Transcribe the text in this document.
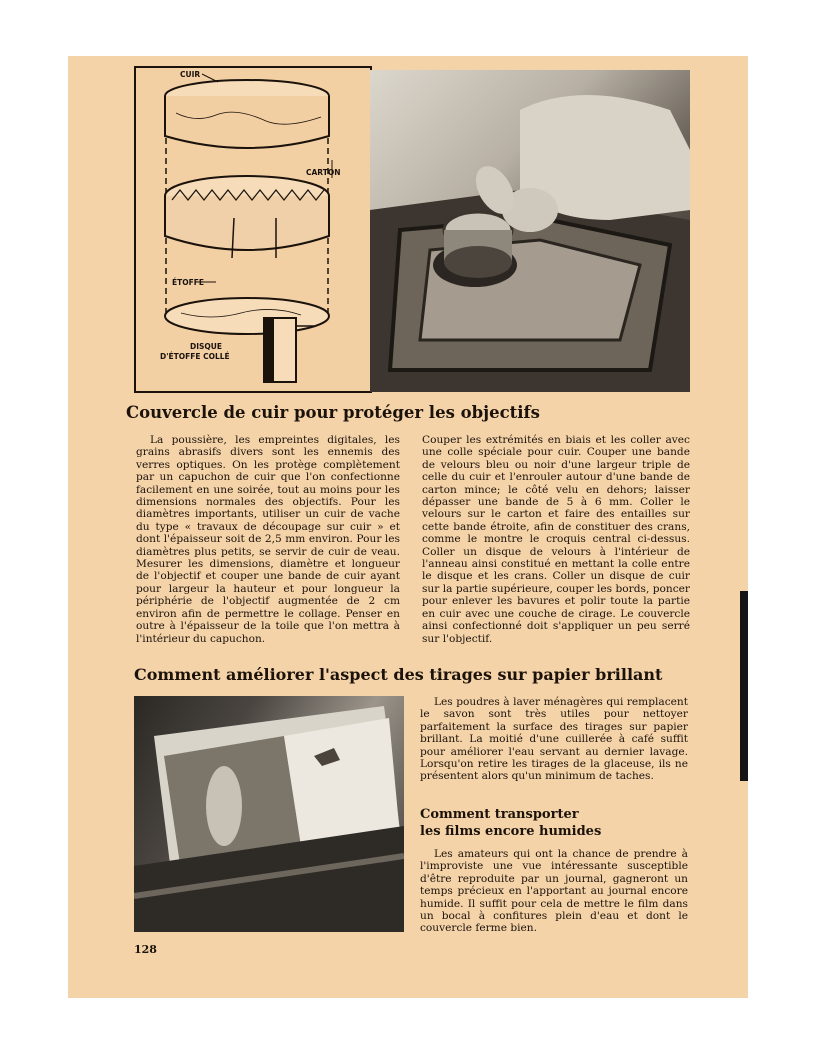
CUIR
CARTON
ÉTOFFE
DISQUE
D'ÉTOFFE COLLÉ
Couvercle de cuir pour protéger les objectifs

La poussière, les empreintes digitales, les grains abrasifs divers sont les ennemis des verres optiques. On les protège complètement par un capuchon de cuir que l'on confectionne facilement en une soirée, tout au moins pour les dimensions normales des objectifs. Pour les diamètres importants, utiliser un cuir de vache du type « travaux de découpage sur cuir » et dont l'épaisseur soit de 2,5 mm environ. Pour les diamètres plus petits, se servir de cuir de veau. Mesurer les dimensions, diamètre et longueur de l'objectif et couper une bande de cuir ayant pour largeur la hauteur et pour longueur la périphérie de l'objectif augmentée de 2 cm environ afin de permettre le collage. Penser en outre à l'épaisseur de la toile que l'on mettra à l'intérieur du capuchon.

Couper les extrémités en biais et les coller avec une colle spéciale pour cuir. Couper une bande de velours bleu ou noir d'une largeur triple de celle du cuir et l'enrouler autour d'une bande de carton mince; le côté velu en dehors; laisser dépasser une bande de 5 à 6 mm. Coller le velours sur le carton et faire des entailles sur cette bande étroite, afin de constituer des crans, comme le montre le croquis central ci-dessus. Coller un disque de velours à l'intérieur de l'anneau ainsi constitué en mettant la colle entre le disque et les crans. Coller un disque de cuir sur la partie supérieure, couper les bords, poncer pour enlever les bavures et polir toute la partie en cuir avec une couche de cirage. Le couvercle ainsi confectionné doit s'appliquer un peu serré sur l'objectif.

Comment améliorer l'aspect des tirages sur papier brillant

Les poudres à laver ménagères qui remplacent le savon sont très utiles pour nettoyer parfaitement la surface des tirages sur papier brillant. La moitié d'une cuillerée à café suffit pour améliorer l'eau servant au dernier lavage. Lorsqu'on retire les tirages de la glaceuse, ils ne présentent alors qu'un minimum de taches.

Comment transporter
les films encore humides

Les amateurs qui ont la chance de prendre à l'improviste une vue intéressante susceptible d'être reproduite par un journal, gagneront un temps précieux en l'apportant au journal encore humide. Il suffit pour cela de mettre le film dans un bocal à confitures plein d'eau et dont le couvercle ferme bien.

128
